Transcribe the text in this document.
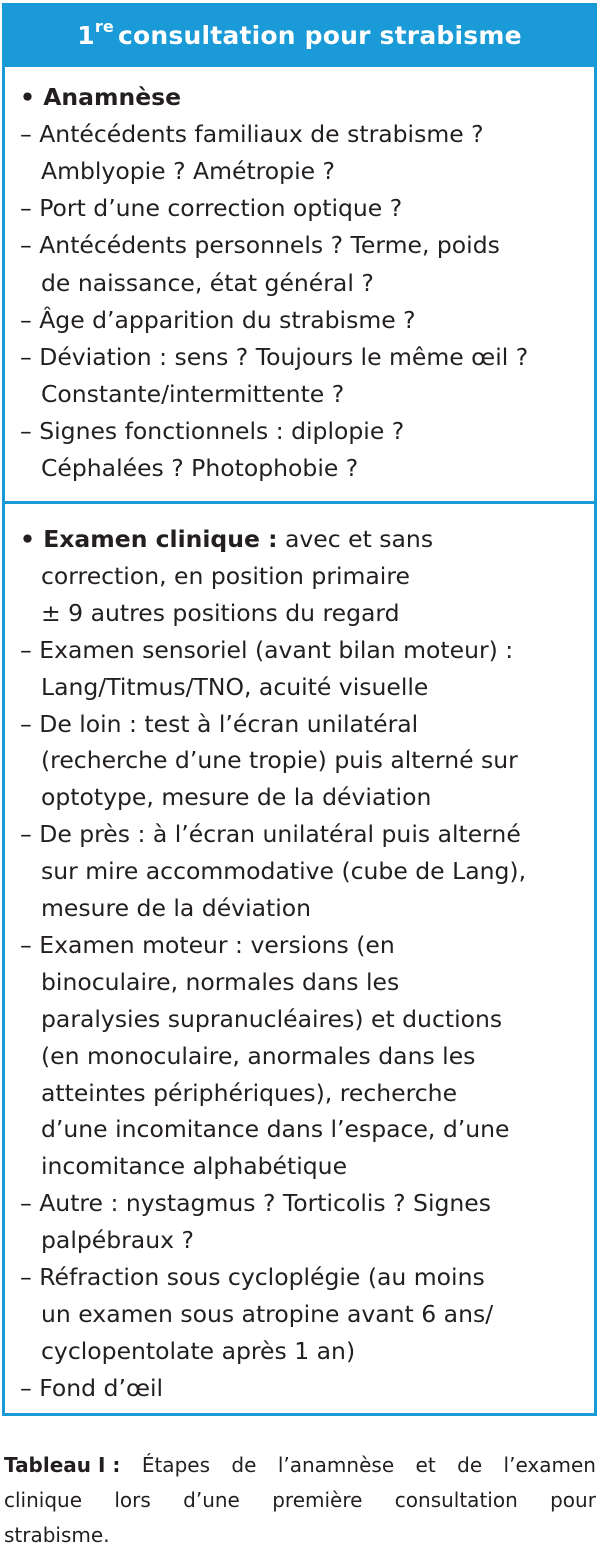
1re consultation pour strabisme
• Anamnèse
– Antécédents familiaux de strabisme ?
Amblyopie ? Amétropie ?
– Port d’une correction optique ?
– Antécédents personnels ? Terme, poids
de naissance, état général ?
– Âge d’apparition du strabisme ?
– Déviation : sens ? Toujours le même œil ?
Constante/intermittente ?
– Signes fonctionnels : diplopie ?
Céphalées ? Photophobie ?
• Examen clinique : avec et sans
correction, en position primaire
± 9 autres positions du regard
– Examen sensoriel (avant bilan moteur) :
Lang/Titmus/TNO, acuité visuelle
– De loin : test à l’écran unilatéral
(recherche d’une tropie) puis alterné sur
optotype, mesure de la déviation
– De près : à l’écran unilatéral puis alterné
sur mire accommodative (cube de Lang),
mesure de la déviation
– Examen moteur : versions (en
binoculaire, normales dans les
paralysies supranucléaires) et ductions
(en monoculaire, anormales dans les
atteintes périphériques), recherche
d’une incomitance dans l’espace, d’une
incomitance alphabétique
– Autre : nystagmus ? Torticolis ? Signes
palpébraux ?
– Réfraction sous cycloplégie (au moins
un examen sous atropine avant 6 ans/
cyclopentolate après 1 an)
– Fond d’œil
Tableau I : Étapes de l’anamnèse et de l’examen
clinique lors d’une première consultation pour
strabisme.
